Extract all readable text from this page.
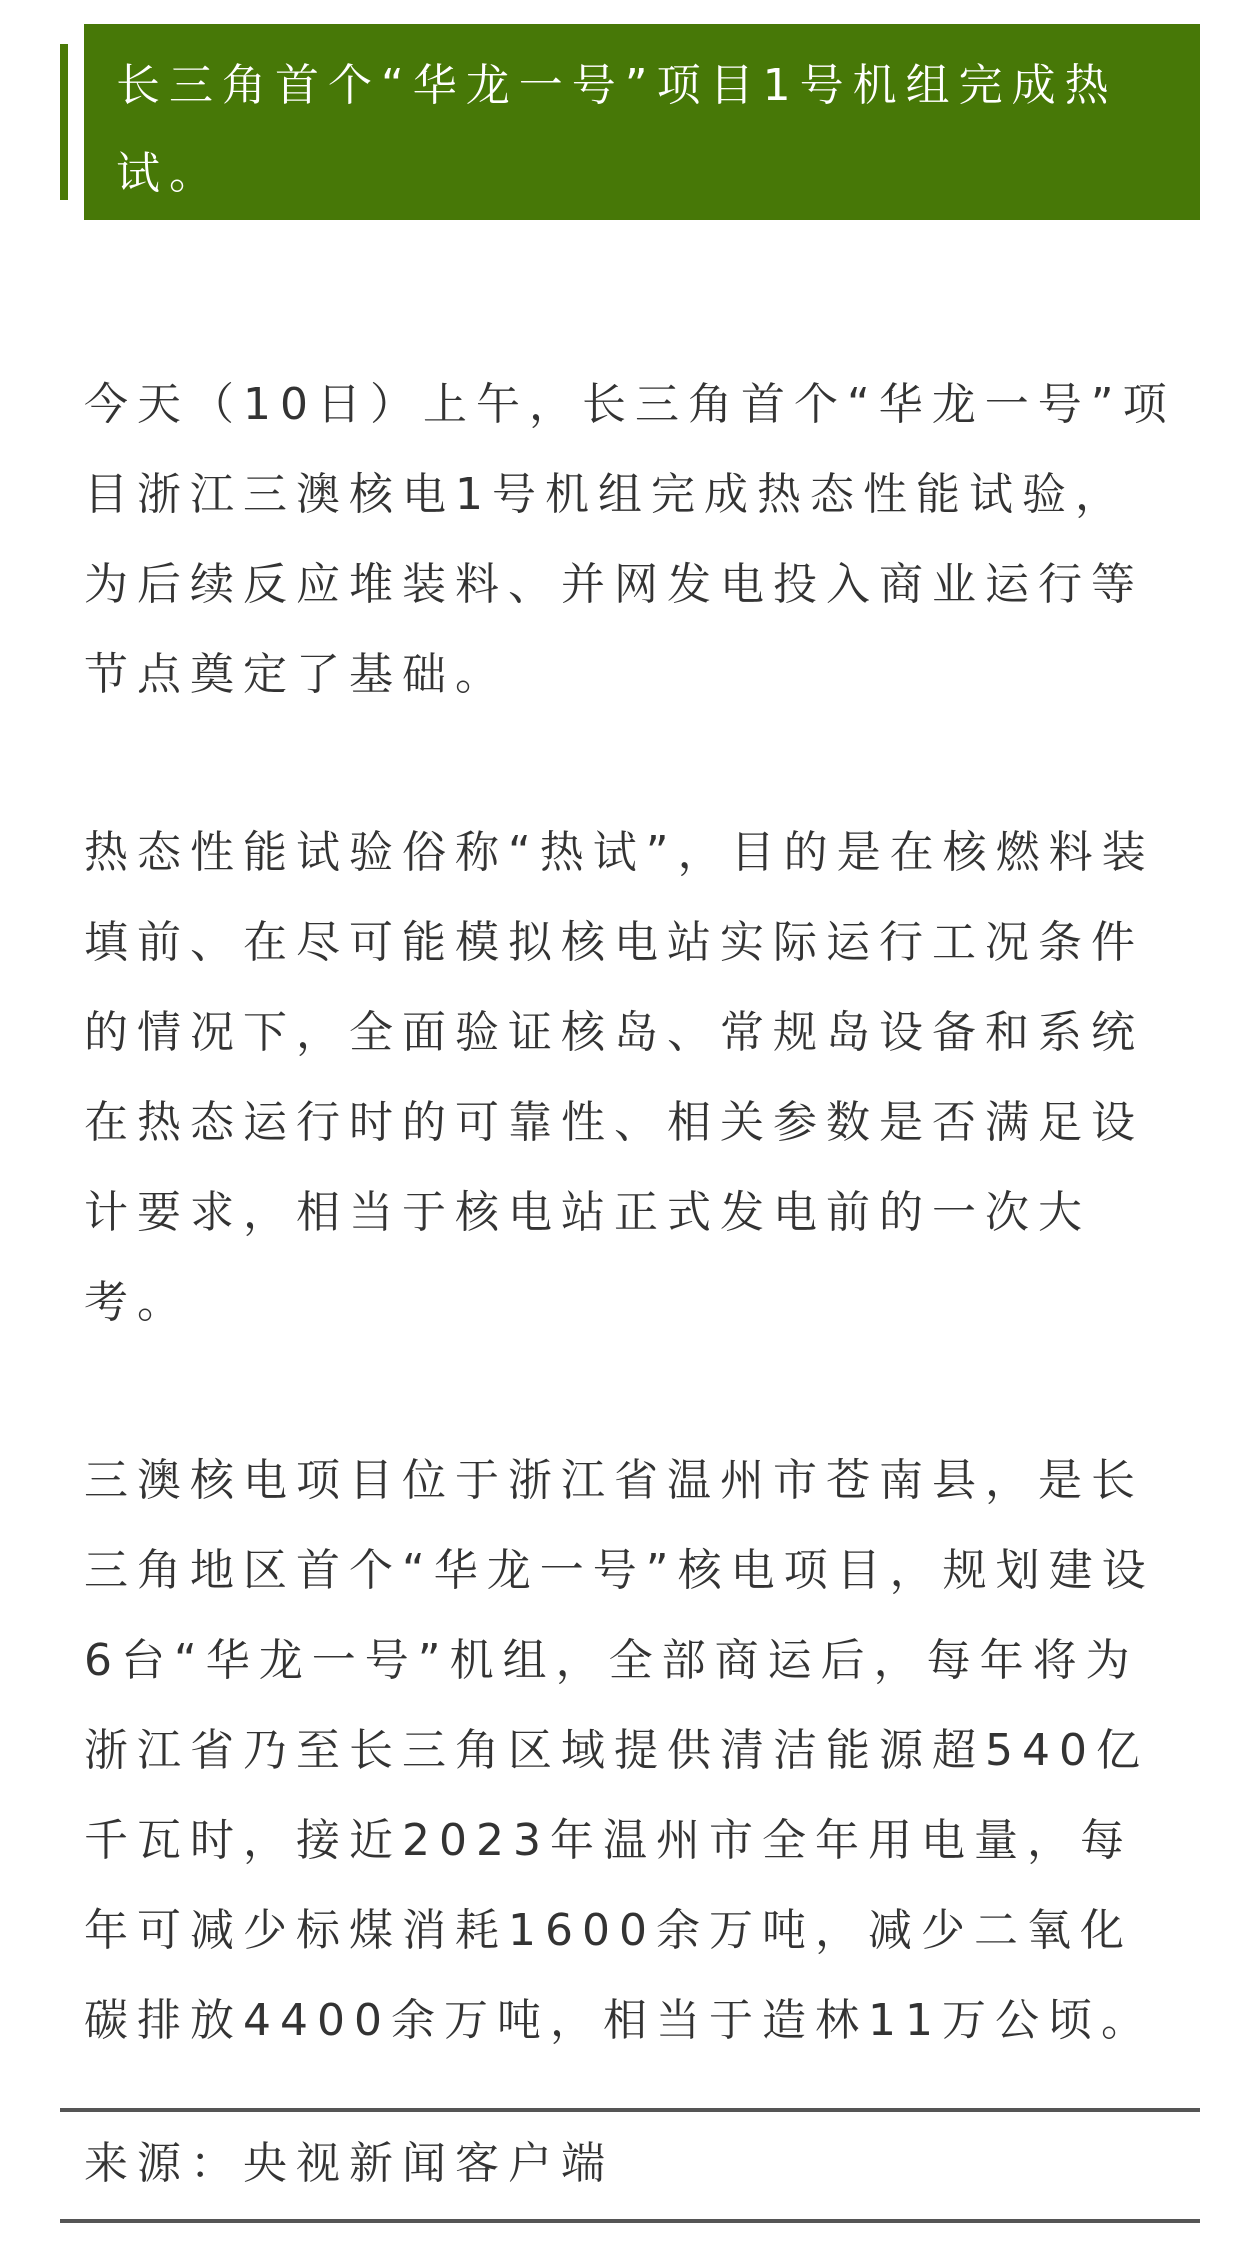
长三角首个“华龙一号”项目1号机组完成热试。

今天（10日）上午，长三角首个“华龙一号”项目浙江三澳核电1号机组完成热态性能试验，为后续反应堆装料、并网发电投入商业运行等节点奠定了基础。

热态性能试验俗称“热试”，目的是在核燃料装填前、在尽可能模拟核电站实际运行工况条件的情况下，全面验证核岛、常规岛设备和系统在热态运行时的可靠性、相关参数是否满足设计要求，相当于核电站正式发电前的一次大考。

三澳核电项目位于浙江省温州市苍南县，是长三角地区首个“华龙一号”核电项目，规划建设6台“华龙一号”机组，全部商运后，每年将为浙江省乃至长三角区域提供清洁能源超540亿千瓦时，接近2023年温州市全年用电量，每年可减少标煤消耗1600余万吨，减少二氧化碳排放4400余万吨，相当于造林11万公顷。

来源：央视新闻客户端
